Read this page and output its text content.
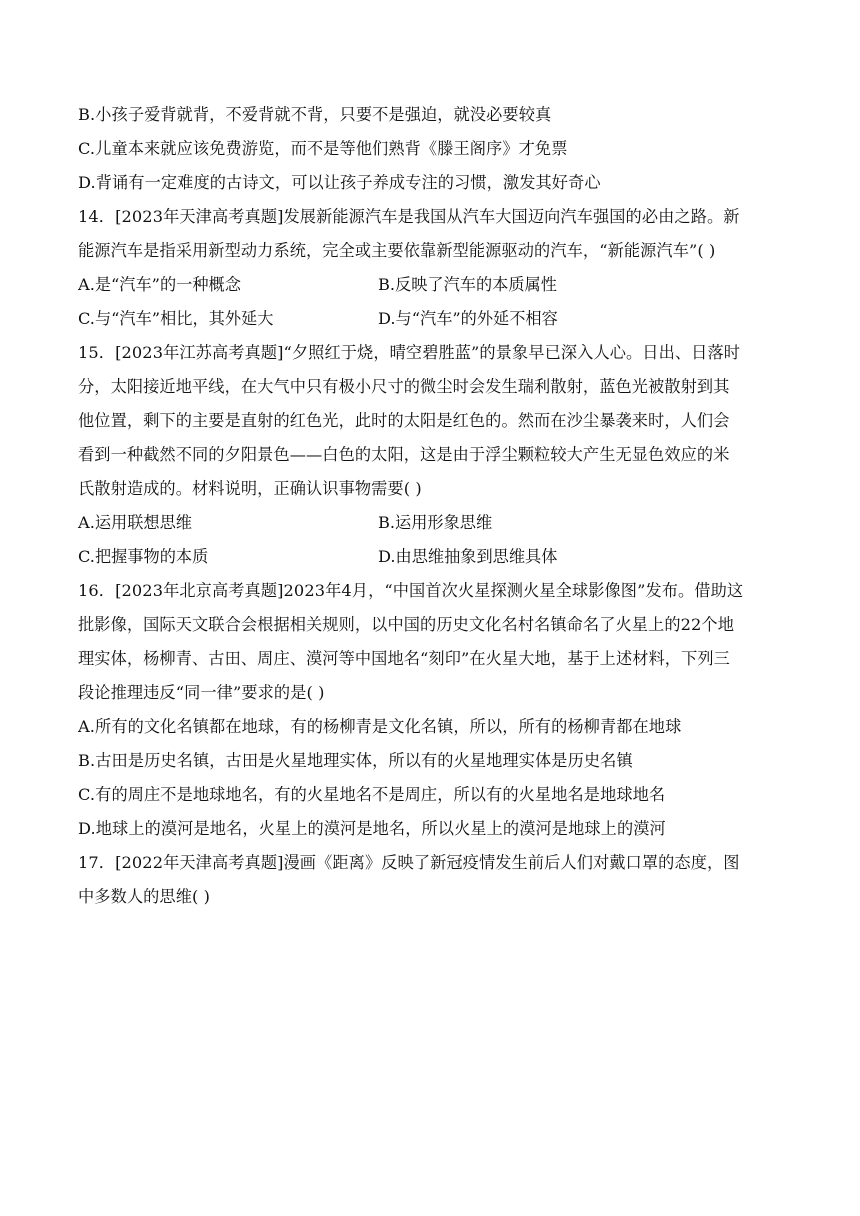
B.小孩子爱背就背，不爱背就不背，只要不是强迫，就没必要较真
C.儿童本来就应该免费游览，而不是等他们熟背《滕王阁序》才免票
D.背诵有一定难度的古诗文，可以让孩子养成专注的习惯，激发其好奇心
14．[2023年天津高考真题]发展新能源汽车是我国从汽车大国迈向汽车强国的必由之路。新
能源汽车是指采用新型动力系统，完全或主要依靠新型能源驱动的汽车，“新能源汽车”( )
A.是“汽车”的一种概念	B.反映了汽车的本质属性
C.与“汽车”相比，其外延大	D.与“汽车”的外延不相容
15．[2023年江苏高考真题]“夕照红于烧，晴空碧胜蓝”的景象早已深入人心。日出、日落时
分，太阳接近地平线，在大气中只有极小尺寸的微尘时会发生瑞利散射，蓝色光被散射到其
他位置，剩下的主要是直射的红色光，此时的太阳是红色的。然而在沙尘暴袭来时，人们会
看到一种截然不同的夕阳景色——白色的太阳，这是由于浮尘颗粒较大产生无显色效应的米
氏散射造成的。材料说明，正确认识事物需要( )
A.运用联想思维	B.运用形象思维
C.把握事物的本质	D.由思维抽象到思维具体
16．[2023年北京高考真题]2023年4月，“中国首次火星探测火星全球影像图”发布。借助这
批影像，国际天文联合会根据相关规则，以中国的历史文化名村名镇命名了火星上的22个地
理实体，杨柳青、古田、周庄、漠河等中国地名“刻印”在火星大地，基于上述材料，下列三
段论推理违反“同一律”要求的是( )
A.所有的文化名镇都在地球，有的杨柳青是文化名镇，所以，所有的杨柳青都在地球
B.古田是历史名镇，古田是火星地理实体，所以有的火星地理实体是历史名镇
C.有的周庄不是地球地名，有的火星地名不是周庄，所以有的火星地名是地球地名
D.地球上的漠河是地名，火星上的漠河是地名，所以火星上的漠河是地球上的漠河
17．[2022年天津高考真题]漫画《距离》反映了新冠疫情发生前后人们对戴口罩的态度，图
中多数人的思维( )
